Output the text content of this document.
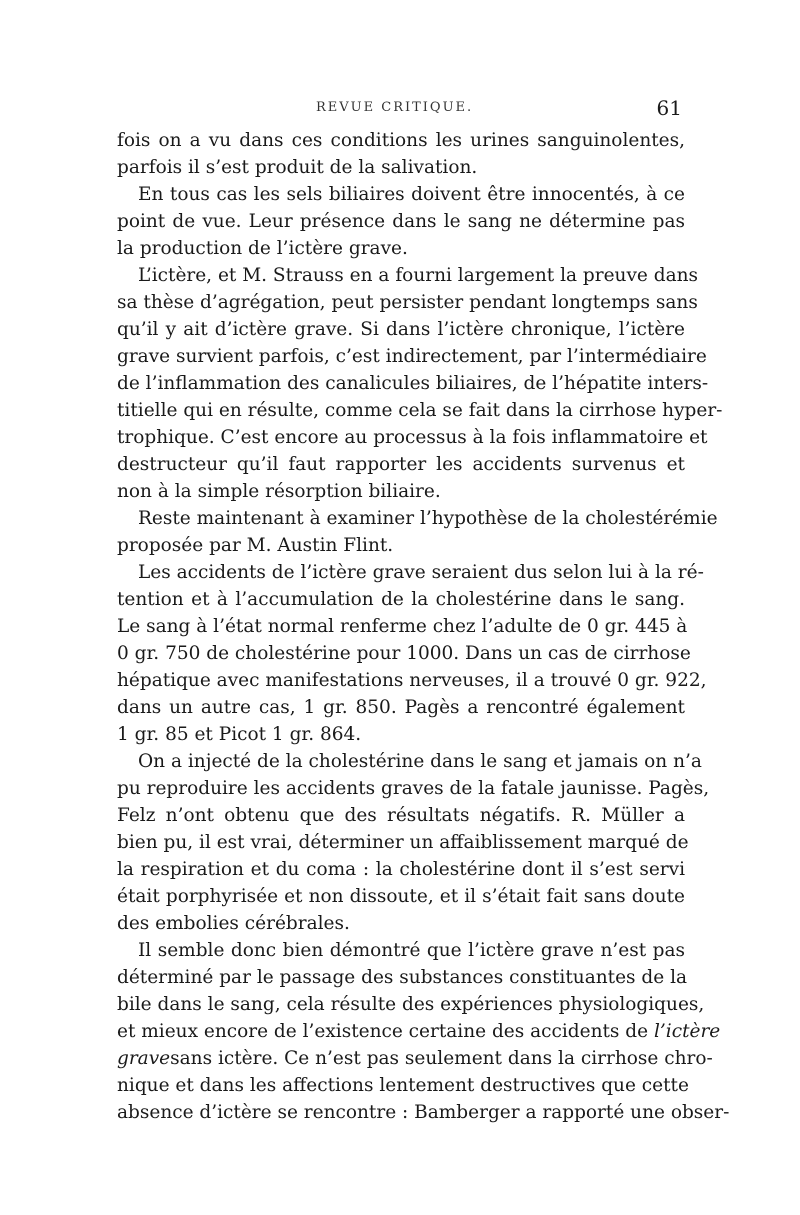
REVUE CRITIQUE.	61
fois on a vu dans ces conditions les urines sanguinolentes,
parfois il s’est produit de la salivation.
En tous cas les sels biliaires doivent être innocentés, à ce
point de vue. Leur présence dans le sang ne détermine pas
la production de l’ictère grave.
L’ictère, et M. Strauss en a fourni largement la preuve dans
sa thèse d’agrégation, peut persister pendant longtemps sans
qu’il y ait d’ictère grave. Si dans l’ictère chronique, l’ictère
grave survient parfois, c’est indirectement, par l’intermédiaire
de l’inflammation des canalicules biliaires, de l’hépatite inters-
titielle qui en résulte, comme cela se fait dans la cirrhose hyper-
trophique. C’est encore au processus à la fois inflammatoire et
destructeur qu’il faut rapporter les accidents survenus et
non à la simple résorption biliaire.
Reste maintenant à examiner l’hypothèse de la cholestérémie
proposée par M. Austin Flint.
Les accidents de l’ictère grave seraient dus selon lui à la ré-
tention et à l’accumulation de la cholestérine dans le sang.
Le sang à l’état normal renferme chez l’adulte de 0 gr. 445 à
0 gr. 750 de cholestérine pour 1000. Dans un cas de cirrhose
hépatique avec manifestations nerveuses, il a trouvé 0 gr. 922,
dans un autre cas, 1 gr. 850. Pagès a rencontré également
1 gr. 85 et Picot 1 gr. 864.
On a injecté de la cholestérine dans le sang et jamais on n’a
pu reproduire les accidents graves de la fatale jaunisse. Pagès,
Felz n’ont obtenu que des résultats négatifs. R. Müller a
bien pu, il est vrai, déterminer un affaiblissement marqué de
la respiration et du coma : la cholestérine dont il s’est servi
était porphyrisée et non dissoute, et il s’était fait sans doute
des embolies cérébrales.
Il semble donc bien démontré que l’ictère grave n’est pas
déterminé par le passage des substances constituantes de la
bile dans le sang, cela résulte des expériences physiologiques,
et mieux encore de l’existence certaine des accidents de l’ictère
gravesans ictère. Ce n’est pas seulement dans la cirrhose chro-
nique et dans les affections lentement destructives que cette
absence d’ictère se rencontre : Bamberger a rapporté une obser-
